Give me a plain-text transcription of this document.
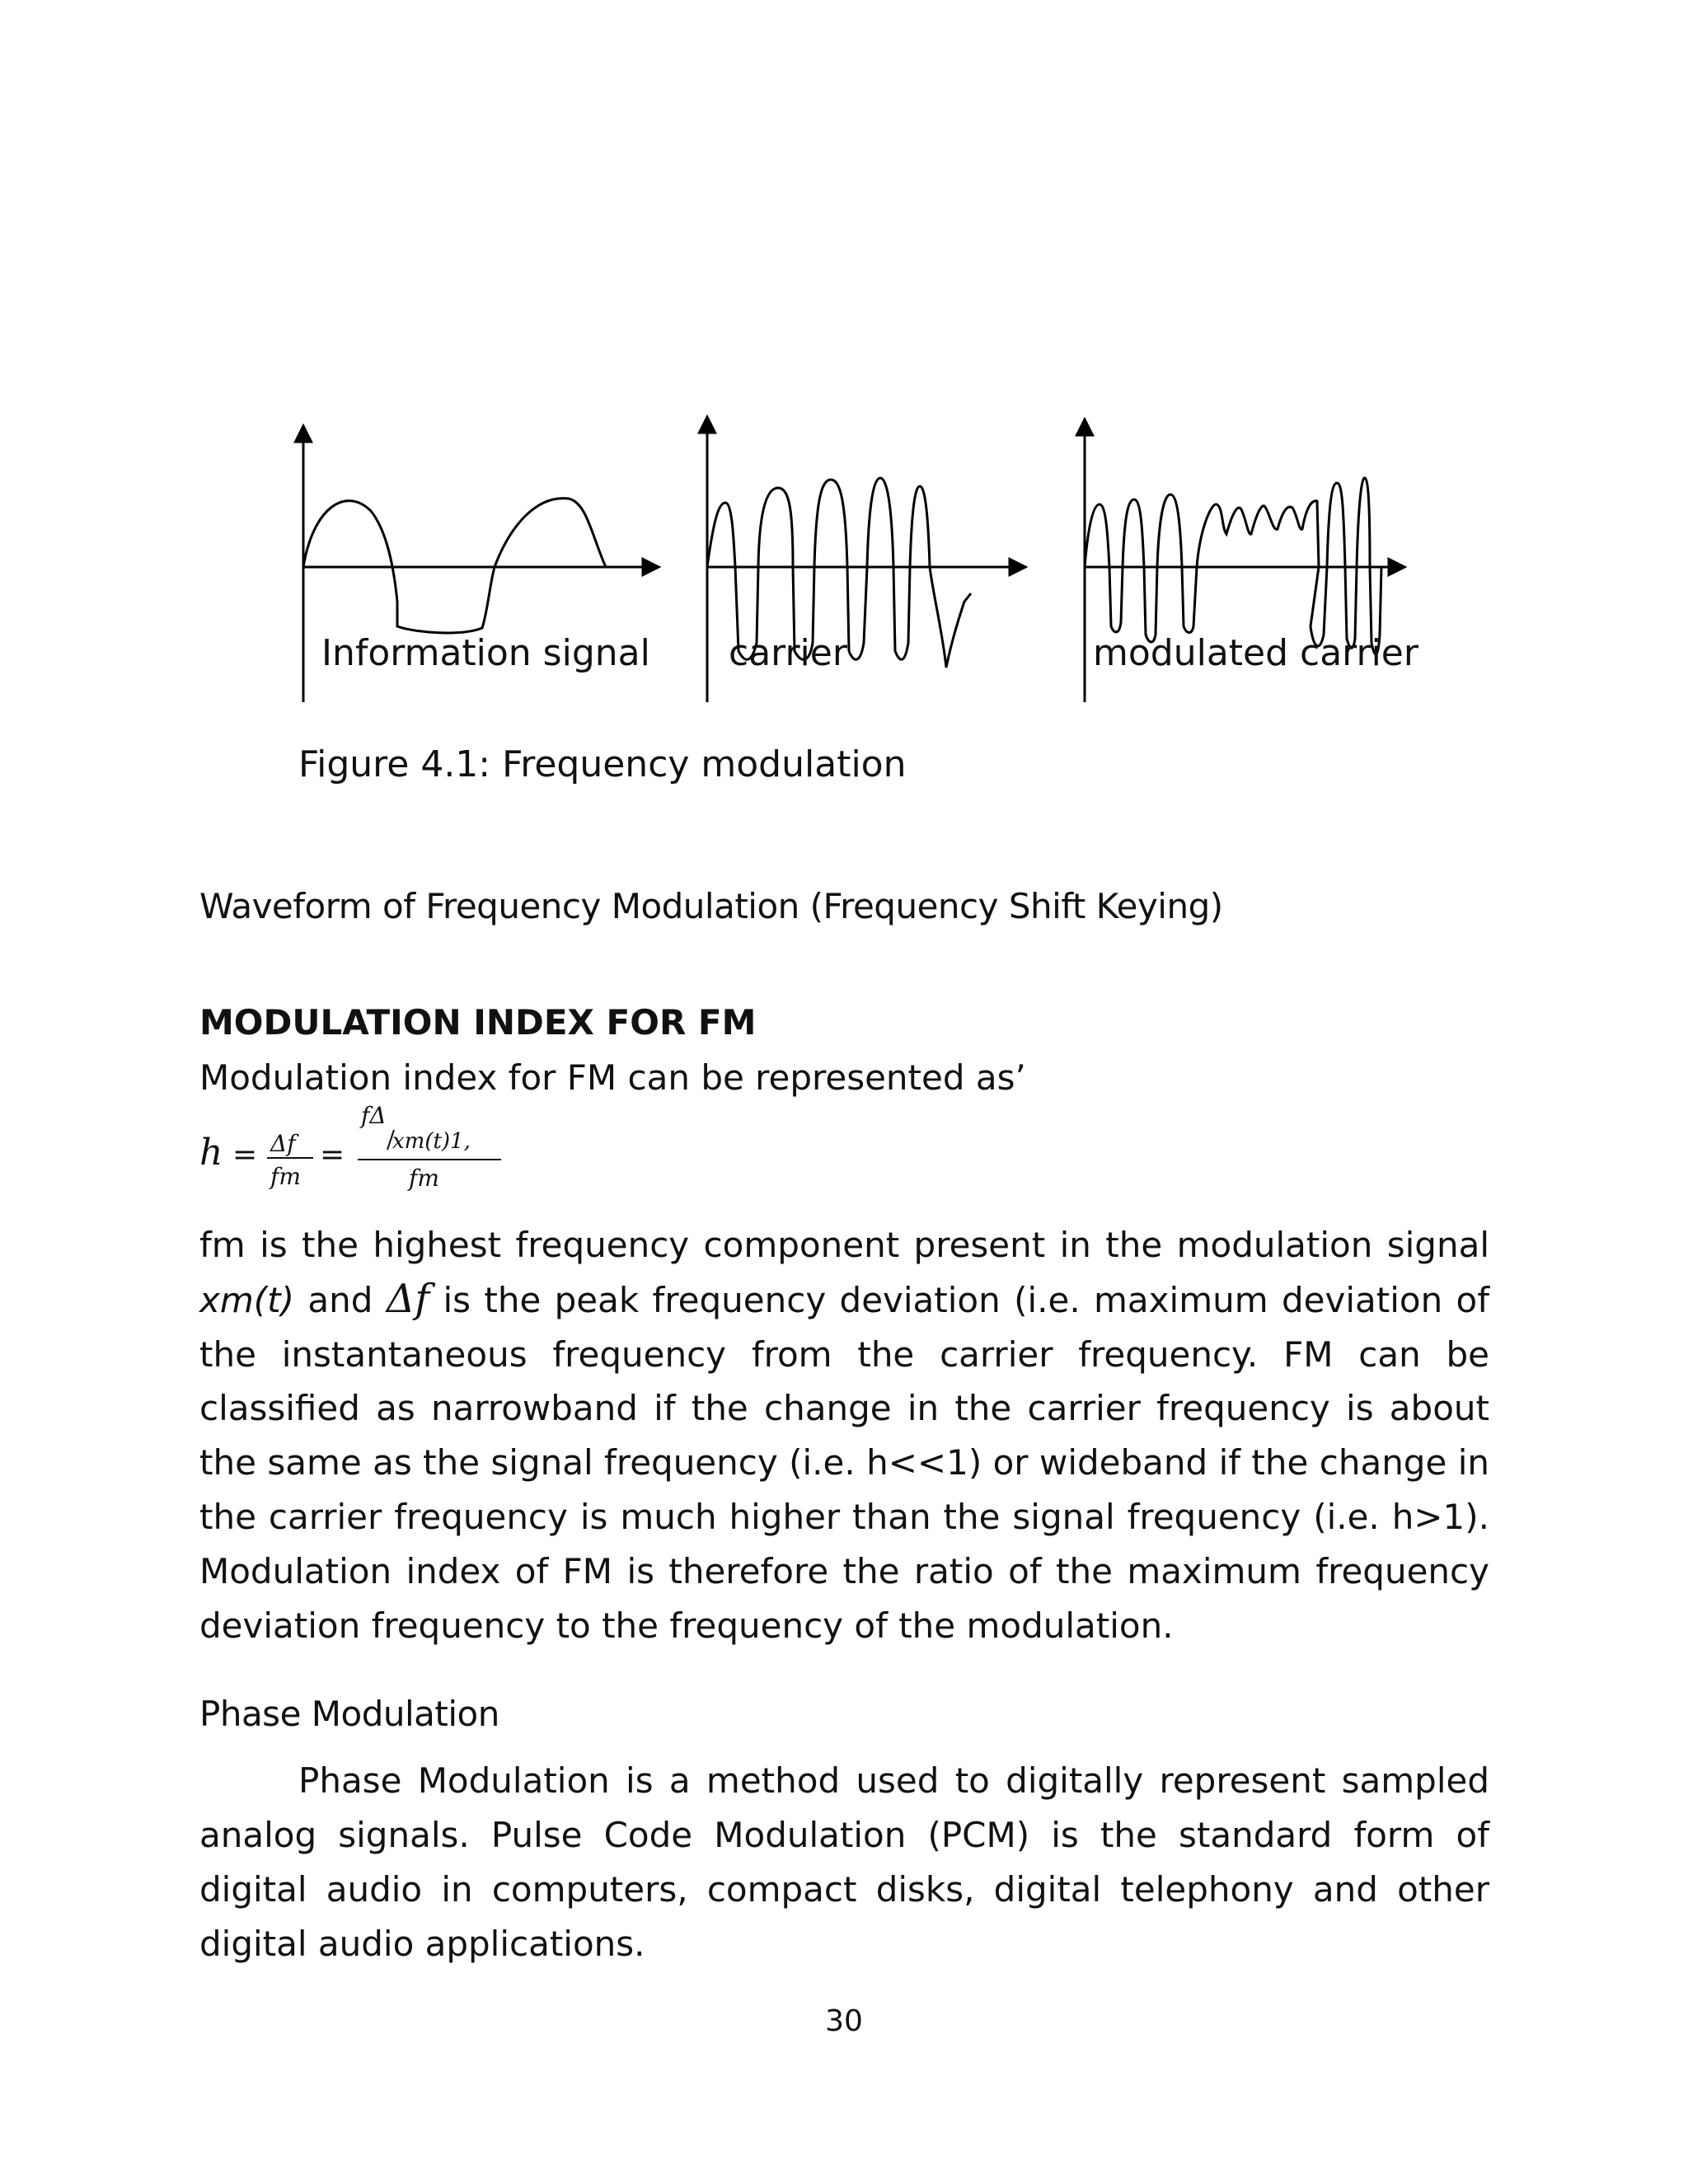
Information signal carrier	modulated carrier
Figure 4.1: Frequency modulation
Waveform of Frequency Modulation (Frequency Shift Keying)
MODULATION INDEX FOR FM
Modulation index for FM can be represented as’
h = Δf
fm
=
fΔ
xm(t)1,
fm
fm is the highest frequency component present in the modulation signal xm(t) and Δf is the peak frequency deviation (i.e. maximum deviation of the instantaneous frequency from the carrier frequency. FM can be classified as narrowband if the change in the carrier frequency is about the same as the signal frequency (i.e. h<<1) or wideband if the change in the carrier frequency is much higher than the signal frequency (i.e. h>1). Modulation index of FM is therefore the ratio of the maximum frequency deviation frequency to the frequency of the modulation.
Phase Modulation
Phase Modulation is a method used to digitally represent sampled analog signals. Pulse Code Modulation (PCM) is the standard form of digital audio in computers, compact disks, digital telephony and other digital audio applications.
30
